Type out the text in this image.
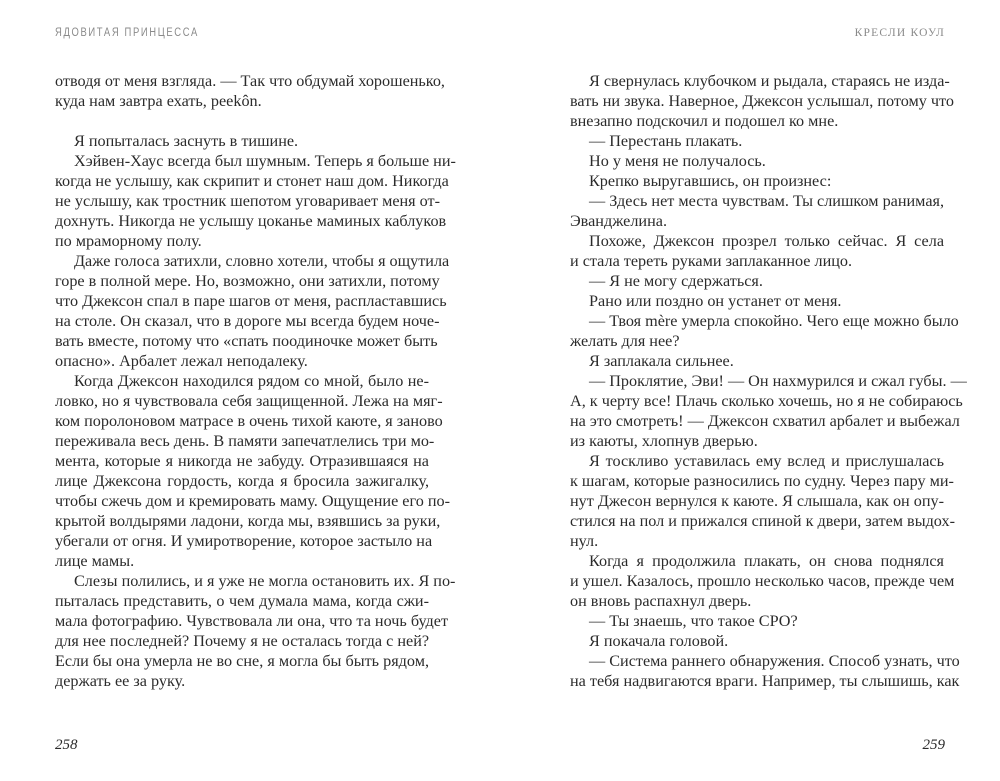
ЯДОВИТАЯ ПРИНЦЕССА
отводя от меня взгляда. — Так что обдумай хорошенько,
куда нам завтра ехать, peekôn.
Я попыталась заснуть в тишине.
Хэйвен-Хаус всегда был шумным. Теперь я больше ни-
когда не услышу, как скрипит и стонет наш дом. Никогда
не услышу, как тростник шепотом уговаривает меня от-
дохнуть. Никогда не услышу цоканье маминых каблуков
по мраморному полу.
Даже голоса затихли, словно хотели, чтобы я ощутила
горе в полной мере. Но, возможно, они затихли, потому
что Джексон спал в паре шагов от меня, распластавшись
на столе. Он сказал, что в дороге мы всегда будем ноче-
вать вместе, потому что «спать поодиночке может быть
опасно». Арбалет лежал неподалеку.
Когда Джексон находился рядом со мной, было не-
ловко, но я чувствовала себя защищенной. Лежа на мяг-
ком поролоновом матрасе в очень тихой каюте, я заново
переживала весь день. В памяти запечатлелись три мо-
мента, которые я никогда не забуду. Отразившаяся на
лице Джексона гордость, когда я бросила зажигалку,
чтобы сжечь дом и кремировать маму. Ощущение его по-
крытой волдырями ладони, когда мы, взявшись за руки,
убегали от огня. И умиротворение, которое застыло на
лице мамы.
Слезы полились, и я уже не могла остановить их. Я по-
пыталась представить, о чем думала мама, когда сжи-
мала фотографию. Чувствовала ли она, что та ночь будет
для нее последней? Почему я не осталась тогда с ней?
Если бы она умерла не во сне, я могла бы быть рядом,
держать ее за руку.
258
КРЕСЛИ КОУЛ
Я свернулась клубочком и рыдала, стараясь не изда-
вать ни звука. Наверное, Джексон услышал, потому что
внезапно подскочил и подошел ко мне.
— Перестань плакать.
Но у меня не получалось.
Крепко выругавшись, он произнес:
— Здесь нет места чувствам. Ты слишком ранимая,
Эванджелина.
Похоже, Джексон прозрел только сейчас. Я села
и стала тереть руками заплаканное лицо.
— Я не могу сдержаться.
Рано или поздно он устанет от меня.
— Твоя mère умерла спокойно. Чего еще можно было
желать для нее?
Я заплакала сильнее.
— Проклятие, Эви! — Он нахмурился и сжал губы. —
А, к черту все! Плачь сколько хочешь, но я не собираюсь
на это смотреть! — Джексон схватил арбалет и выбежал
из каюты, хлопнув дверью.
Я тоскливо уставилась ему вслед и прислушалась
к шагам, которые разносились по судну. Через пару ми-
нут Джесон вернулся к каюте. Я слышала, как он опу-
стился на пол и прижался спиной к двери, затем выдох-
нул.
Когда я продолжила плакать, он снова поднялся
и ушел. Казалось, прошло несколько часов, прежде чем
он вновь распахнул дверь.
— Ты знаешь, что такое СРО?
Я покачала головой.
— Система раннего обнаружения. Способ узнать, что
на тебя надвигаются враги. Например, ты слышишь, как
259
